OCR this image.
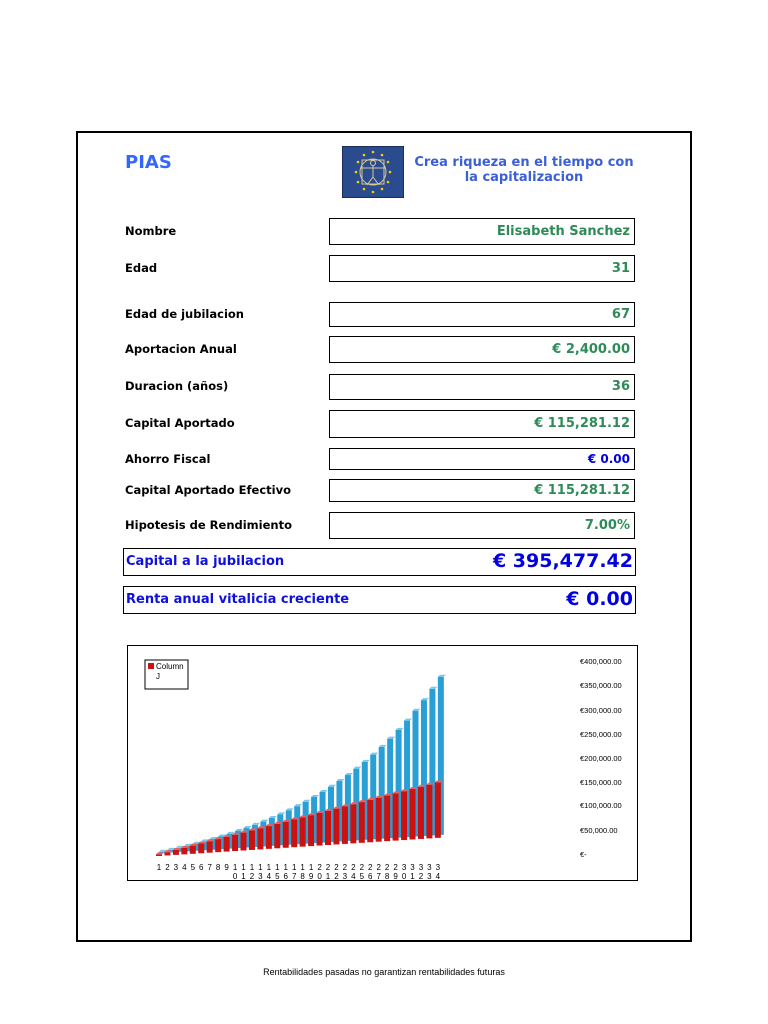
PIAS	Crea riqueza en el tiempo con
la capitalizacion
Nombre	Elisabeth Sanchez
Edad	31
Edad de jubilacion	67
Aportacion Anual	€ 2,400.00
Duracion (años)	36
Capital Aportado	€ 115,281.12
Ahorro Fiscal	€ 0.00
Capital Aportado Efectivo	€ 115,281.12
Hipotesis de Rendimiento	7.00%
Capital a la jubilacion	€ 395,477.42
Renta anual vitalicia creciente	€ 0.00
1 2 3 4 5 6 7 8 9 1
0
1
1
1
2
1
3
1
4
1
5
1
6
1
7
1
8
1
9
2
0
2
1
2
2
2
3
2
4
2
5
2
6
2
7
2
8
2
9
3
0
3
1
3
2
3
3
3
4
€400,000.00
€350,000.00
€300,000.00
€250,000.00
€200,000.00
€150,000.00
€100,000.00
€50,000.00
€-
Column
J
Rentabilidades pasadas no garantizan rentabilidades futuras
